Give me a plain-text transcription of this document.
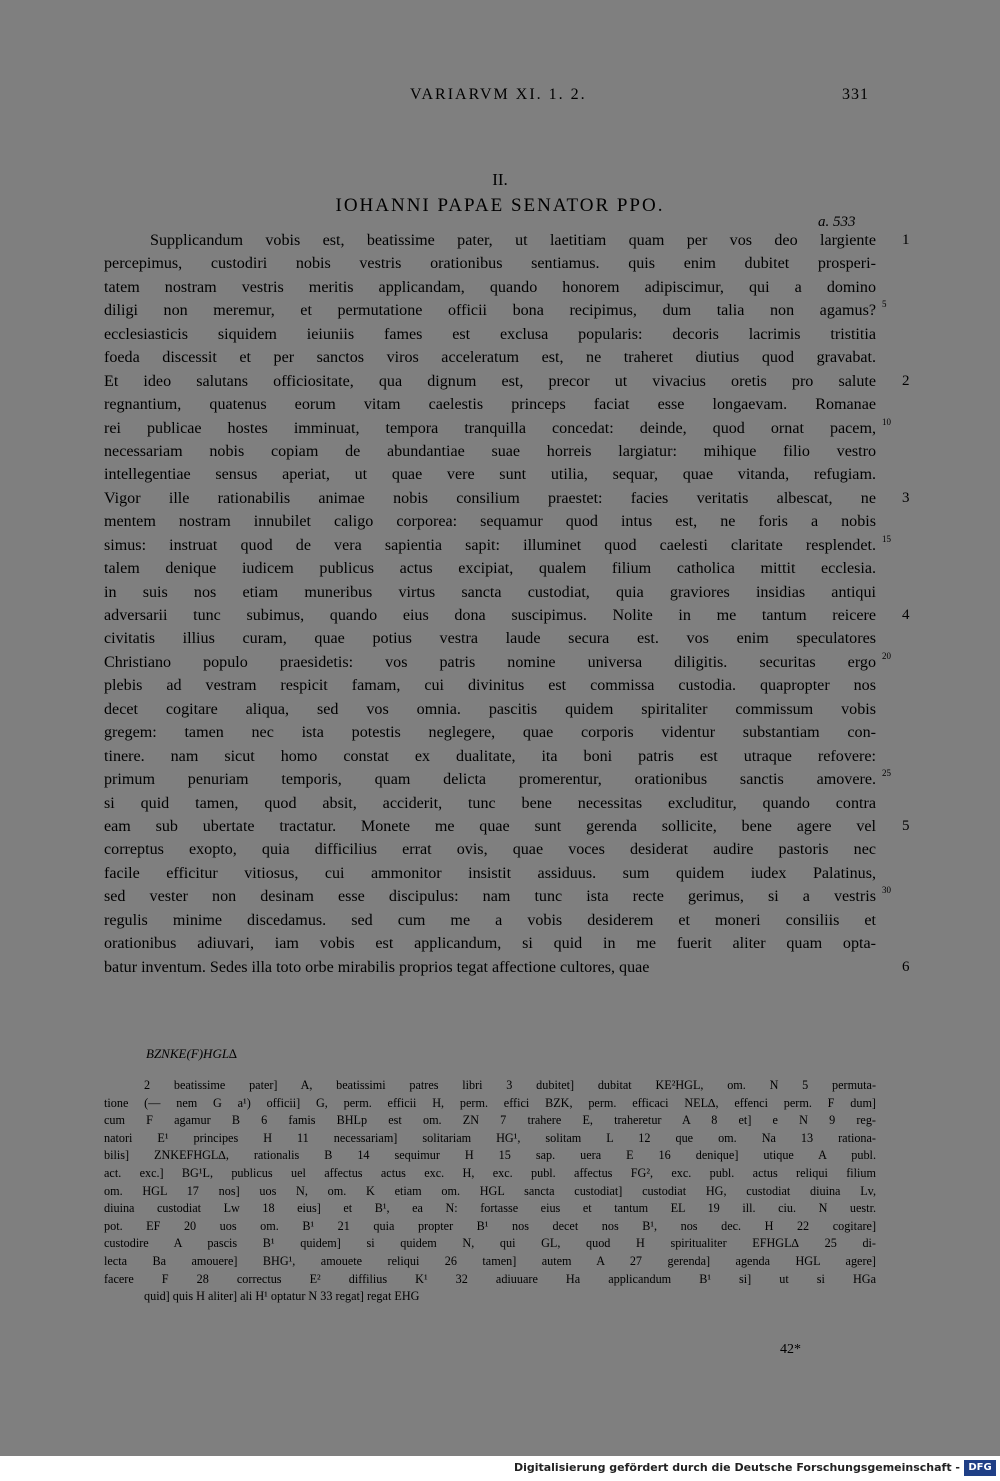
VARIARVM XI. 1. 2.	331
II.
IOHANNI PAPAE SENATOR PPO.
a. 533
Supplicandum vobis est, beatissime pater, ut laetitiam quam per vos deo largiente 1
percepimus, custodiri nobis vestris orationibus sentiamus. quis enim dubitet prosperi-
tatem nostram vestris meritis applicandam, quando honorem adipiscimur, qui a domino
diligi non meremur, et permutatione officii bona recipimus, dum talia non agamus? 5
ecclesiasticis siquidem ieiuniis fames est exclusa popularis: decoris lacrimis tristitia
foeda discessit et per sanctos viros acceleratum est, ne traheret diutius quod gravabat.
Et ideo salutans officiositate, qua dignum est, precor ut vivacius oretis pro salute 2
regnantium, quatenus eorum vitam caelestis princeps faciat esse longaevam. Romanae
rei publicae hostes imminuat, tempora tranquilla concedat: deinde, quod ornat pacem, 10
necessariam nobis copiam de abundantiae suae horreis largiatur: mihique filio vestro
intellegentiae sensus aperiat, ut quae vere sunt utilia, sequar, quae vitanda, refugiam.
Vigor ille rationabilis animae nobis consilium praestet: facies veritatis albescat, ne 3
mentem nostram innubilet caligo corporea: sequamur quod intus est, ne foris a nobis
simus: instruat quod de vera sapientia sapit: illuminet quod caelesti claritate resplendet. 15
talem denique iudicem publicus actus excipiat, qualem filium catholica mittit ecclesia.
in suis nos etiam muneribus virtus sancta custodiat, quia graviores insidias antiqui
adversarii tunc subimus, quando eius dona suscipimus. Nolite in me tantum reicere 4
civitatis illius curam, quae potius vestra laude secura est. vos enim speculatores
Christiano populo praesidetis: vos patris nomine universa diligitis. securitas ergo 20
plebis ad vestram respicit famam, cui divinitus est commissa custodia. quapropter nos
decet cogitare aliqua, sed vos omnia. pascitis quidem spiritaliter commissum vobis
gregem: tamen nec ista potestis neglegere, quae corporis videntur substantiam con-
tinere. nam sicut homo constat ex dualitate, ita boni patris est utraque refovere:
primum penuriam temporis, quam delicta promerentur, orationibus sanctis amovere. 25
si quid tamen, quod absit, acciderit, tunc bene necessitas excluditur, quando contra
eam sub ubertate tractatur. Monete me quae sunt gerenda sollicite, bene agere vel 5
correptus exopto, quia difficilius errat ovis, quae voces desiderat audire pastoris nec
facile efficitur vitiosus, cui ammonitor insistit assiduus. sum quidem iudex Palatinus,
sed vester non desinam esse discipulus: nam tunc ista recte gerimus, si a vestris 30
regulis minime discedamus. sed cum me a vobis desiderem et moneri consiliis et
orationibus adiuvari, iam vobis est applicandum, si quid in me fuerit aliter quam opta-
batur inventum. Sedes illa toto orbe mirabilis proprios tegat affectione cultores, quae	6
BZNKE(F)HGL∆
2 beatissime pater] A, beatissimi patres libri 3 dubitet] dubitat KE²HGL, om. N 5 permuta-
tione (— nem G a¹) officii] G, perm. efficii H, perm. effici BZK, perm. efficaci NEL∆, effenci perm. F dum]
cum F agamur B 6 famis BHLp est om. ZN 7 trahere E, traheretur A 8 et] e N 9 reg-
natori E¹ principes H 11 necessariam] solitariam HG¹, solitam L 12 que om. Na 13 rationa-
bilis] ZNKEFHGL∆, rationalis B 14 sequimur H 15 sap. uera E 16 denique] utique A publ.
act. exc.] BG¹L, publicus uel affectus actus exc. H, exc. publ. affectus FG², exc. publ. actus reliqui filium
om. HGL 17 nos] uos N, om. K etiam om. HGL sancta custodiat] custodiat HG, custodiat diuina Lv,
diuina custodiat Lw 18 eius] et B¹, ea N: fortasse eius et tantum EL 19 ill. ciu. N uestr.
pot. EF 20 uos om. B¹ 21 quia propter B¹ nos decet nos B¹, nos dec. H 22 cogitare]
custodire A pascis B¹ quidem] si quidem N, qui GL, quod H spiritualiter EFHGL∆ 25 di-
lecta Ba amouere] BHG¹, amouete reliqui 26 tamen] autem A 27 gerenda] agenda HGL agere]
facere F 28 correctus E² diffilius K¹ 32 adiuuare Ha applicandum B¹ si] ut si HGa
quid] quis H aliter] ali H¹ optatur N 33 regat] regat EHG
42*
Digitalisierung gefördert durch die Deutsche Forschungsgemeinschaft - DFG
